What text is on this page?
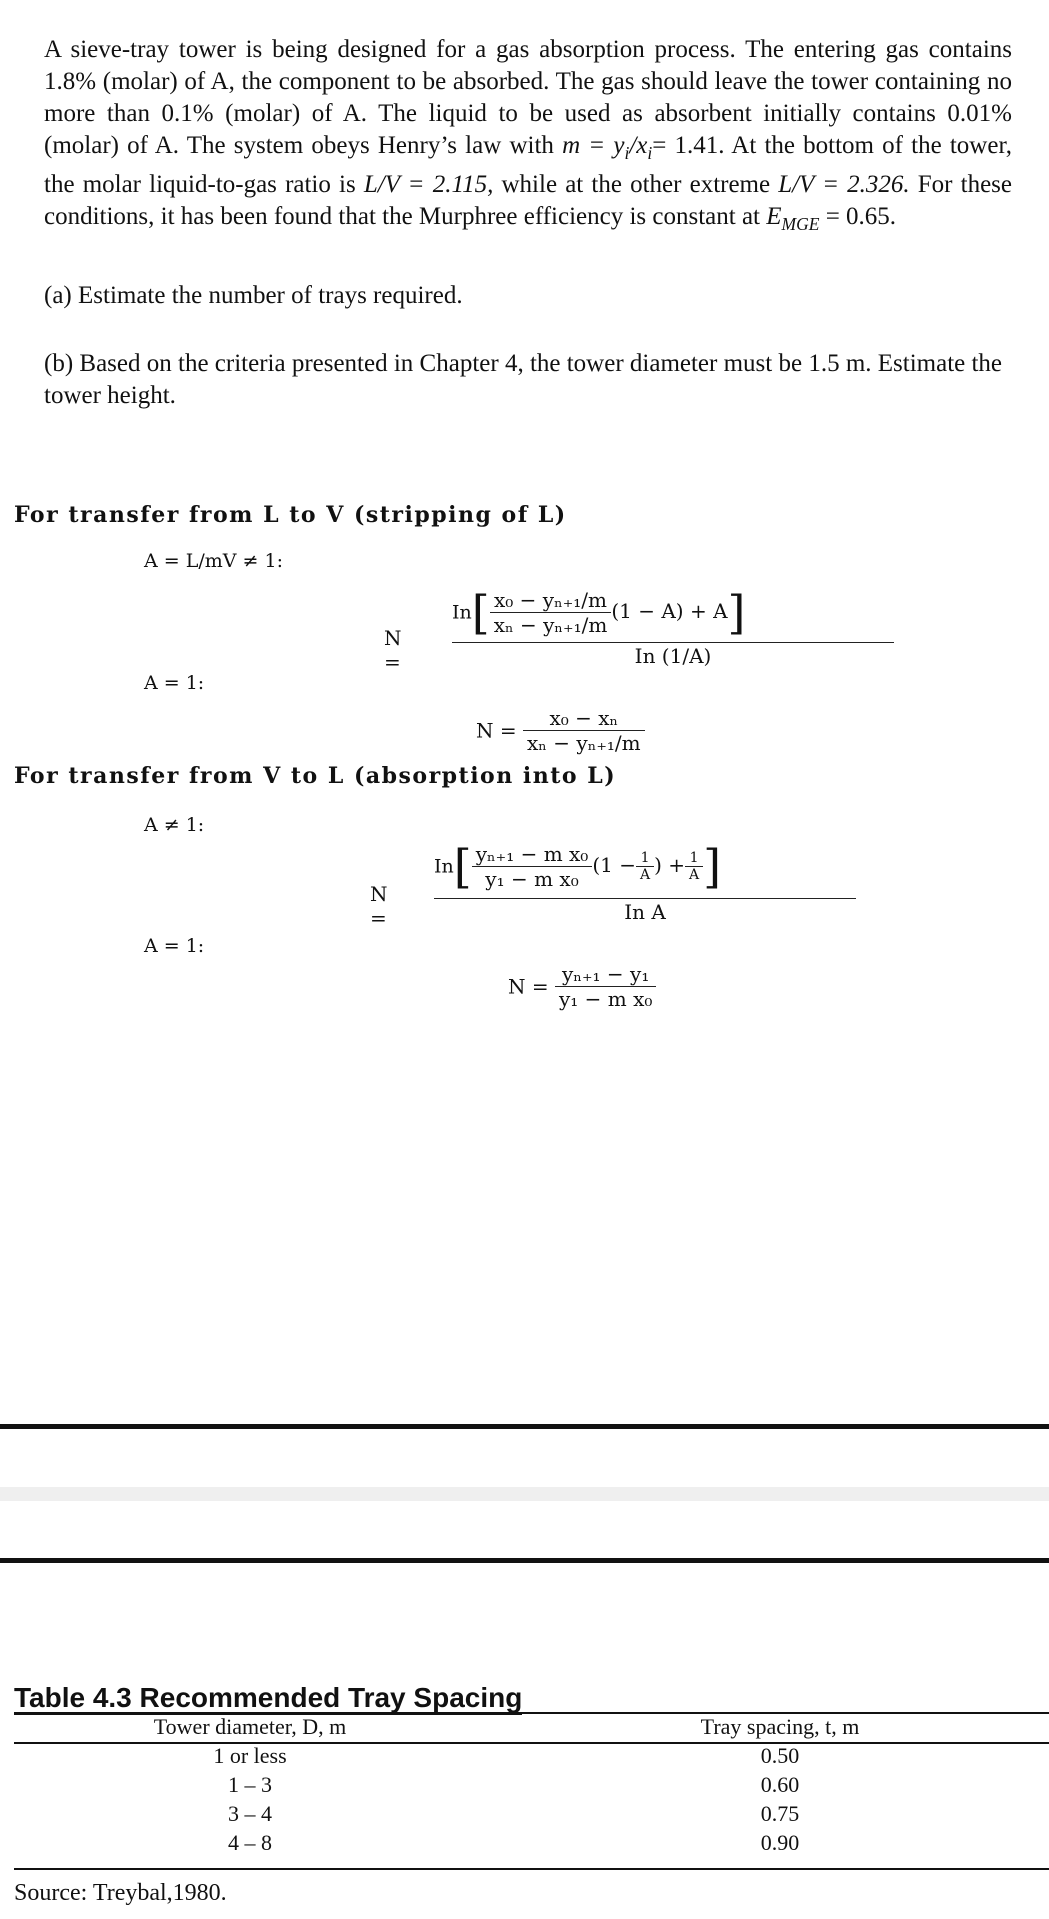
A sieve-tray tower is being designed for a gas absorption process. The entering gas contains 1.8% (molar) of A, the component to be absorbed. The gas should leave the tower containing no more than 0.1% (molar) of A. The liquid to be used as absorbent initially contains 0.01% (molar) of A. The system obeys Henry’s law with $m = y_i/x_i= 1.41$. At the bottom of the tower, the molar liquid-to-gas ratio is L/V = 2.115, while at the other extreme L/V = 2.326. For these conditions, it has been found that the Murphree efficiency is constant at $E_{MGE} = 0.65$.

(a) Estimate the number of trays required.
(b) Based on the criteria presented in Chapter 4, the tower diameter must be 1.5 m. Estimate the tower height.
For transfer from L to V (stripping of L)
A = L/mV ≠ 1:
N =
$In[ \frac{\text{x₀ − yₙ₊₁/m}}{\text{xₙ − yₙ₊₁/m}} (1 - A) + A]$
In (1/A)
A = 1:
$N = \frac{\text{x₀ − xₙ}}{\text{xₙ − yₙ₊₁/m}}$
For transfer from V to L (absorption into L)
A ≠ 1:
N =
$In[ \frac{\text{yₙ₊₁ − m x₀}}{\text{y₁ − m x₀}} (1 - \frac{1}{A}$ ) + $\frac{1}{A}$ ]
In A
A = 1:
$N = \frac{\text{yₙ₊₁ − y₁}}{\text{y₁ − m x₀}}$
Table 4.3 Recommended Tray Spacing
Tower diameter, D, m	Tray spacing, t, m
1 or less	0.50
1 – 3	0.60
3 – 4	0.75
4 – 8	0.90
Source: Treybal,1980.
